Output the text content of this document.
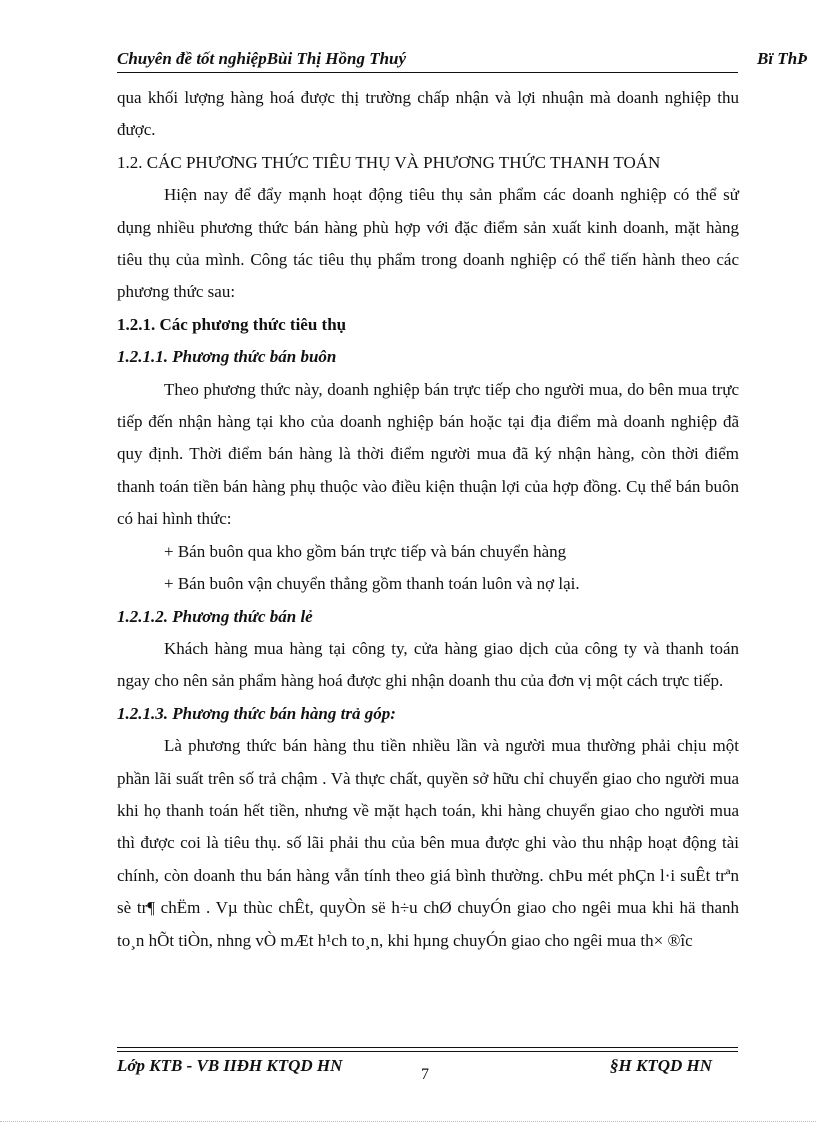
Chuyên đề tốt nghiệpBùi Thị Hồng Thuý	Bï ThÞ

qua khối lượng hàng hoá được thị trường chấp nhận và lợi nhuận mà doanh nghiệp thu được.

1.2. CÁC PHƯƠNG THỨC TIÊU THỤ VÀ PHƯƠNG THỨC THANH TOÁN

Hiện nay để đẩy mạnh hoạt động tiêu thụ sản phẩm các doanh nghiệp có thể sử dụng nhiều phương thức bán hàng phù hợp với đặc điểm sản xuất kinh doanh, mặt hàng tiêu thụ của mình. Công tác tiêu thụ phẩm trong doanh nghiệp có thể tiến hành theo các phương thức sau:

1.2.1. Các phương thức tiêu thụ

1.2.1.1. Phương thức bán buôn

Theo phương thức này, doanh nghiệp bán trực tiếp cho người mua, do bên mua trực tiếp đến nhận hàng tại kho của doanh nghiệp bán hoặc tại địa điểm mà doanh nghiệp đã quy định. Thời điểm bán hàng là thời điểm người mua đã ký nhận hàng, còn thời điểm thanh toán tiền bán hàng phụ thuộc vào điều kiện thuận lợi của hợp đồng. Cụ thể bán buôn có hai hình thức:

+ Bán buôn qua kho gồm bán trực tiếp và bán chuyển hàng

+ Bán buôn vận chuyển thẳng gồm thanh toán luôn và nợ lại.

1.2.1.2. Phương thức bán lẻ

Khách hàng mua hàng tại công ty, cửa hàng giao dịch của công ty và thanh toán ngay cho nên sản phẩm hàng hoá được ghi nhận doanh thu của đơn vị một cách trực tiếp.

1.2.1.3. Phương thức bán hàng trả góp:

Là phương thức bán hàng thu tiền nhiều lần và người mua thường phải chịu một phần lãi suất trên số trả chậm . Và thực chất, quyền sở hữu chỉ chuyển giao cho người mua khi họ thanh toán hết tiền, nhưng về mặt hạch toán, khi hàng chuyển giao cho người mua thì được coi là tiêu thụ. số lãi phải thu của bên mua được ghi vào thu nhập hoạt động tài chính, còn doanh thu bán hàng vẫn tính theo giá bình thường. chÞu mét phÇn l·i suÊt trªn sè tr¶ chËm . Vµ thùc chÊt, quyÒn së h÷u chØ chuyÓn giao cho ngêi mua khi hä thanh to¸n hÕt tiÒn, nhng vÒ mÆt h¹ch to¸n, khi hµng chuyÓn giao cho ngêi mua th× ®îc

Lớp KTB - VB IIĐH KTQD HN	§H KTQD HN
7
